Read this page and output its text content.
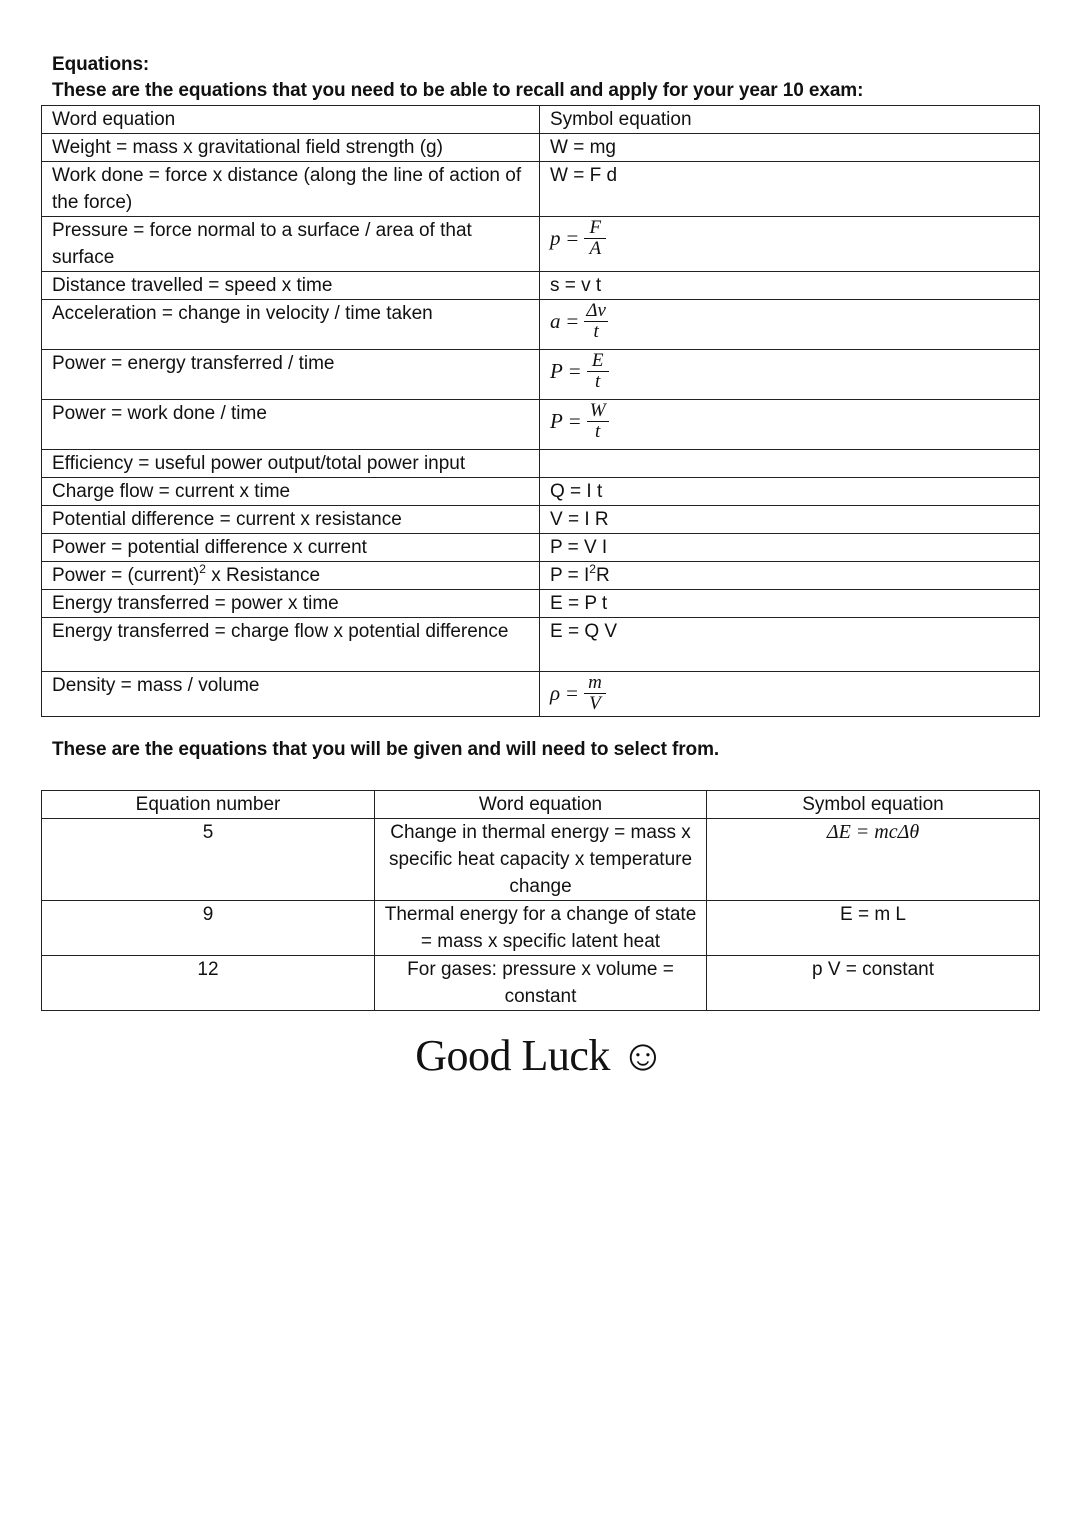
Equations:
These are the equations that you need to be able to recall and apply for your year 10 exam:
Word equation	Symbol equation
Weight = mass x gravitational field strength (g)	W = mg
Work done = force x distance (along the line of action of the force)	W = F d
Pressure = force normal to a surface / area of that surface	$p = \frac{F}{A}$

Distance travelled = speed x time	s = v t
Acceleration = change in velocity / time taken	$a = \frac{\Delta v}{t}$

Power = energy transferred / time	$P = \frac{E}{t}$

Power = work done / time	$P = \frac{W}{t}$

Efficiency = useful power output/total power input	
Charge flow = current x time	Q = I t
Potential difference = current x resistance	V = I R
Power = potential difference x current	P = V I
Power = (current)$^2$ x Resistance	$P = I^2R$
Energy transferred = power x time	E = P t
Energy transferred = charge flow x potential difference	E = Q V
Density = mass / volume	$\rho = \frac{m}{V}$
These are the equations that you will be given and will need to select from.
Equation number	Word equation	Symbol equation
5	Change in thermal energy = mass x specific heat capacity x temperature change	ΔE = mcΔθ
9	Thermal energy for a change of state = mass x specific latent heat	E = m L
12	For gases: pressure x volume = constant	p V = constant
Good Luck ☺
